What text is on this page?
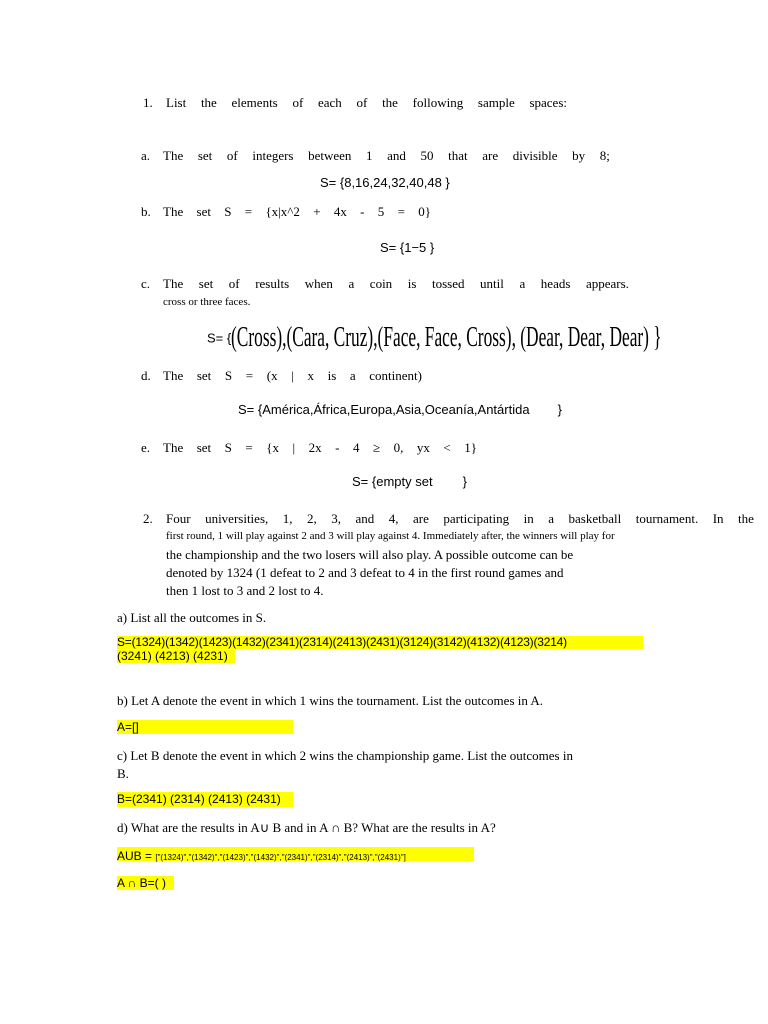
1. List the elements of each of the following sample spaces:
a. The set of integers between 1 and 50 that are divisible by 8;
S= {8,16,24,32,40,48 }
b. The set S = {x|x^2 + 4x - 5 = 0}
S= {1−5 }
c. The set of results when a coin is tossed until a heads appears.
cross or three faces.
S= {(Cross),(Cara, Cruz),(Face, Face, Cross), (Dear, Dear, Dear) }
d. The set S = (x | x is a continent)
S= {América,África,Europa,Asia,Oceanía,Antártida }
e. The set S = {x | 2x - 4 ≥ 0, yx < 1}
S= {empty set }
2. Four universities, 1, 2, 3, and 4, are participating in a basketball tournament. In the
first round, 1 will play against 2 and 3 will play against 4. Immediately after, the winners will play for
the championship and the two losers will also play. A possible outcome can be
denoted by 1324 (1 defeat to 2 and 3 defeat to 4 in the first round games and
then 1 lost to 3 and 2 lost to 4.
a) List all the outcomes in S.
S=(1324)(1342)(1423)(1432)(2341)(2314)(2413)(2431)(3124)(3142)(4132)(4123)(3214)
(3241) (4213) (4231)
b) Let A denote the event in which 1 wins the tournament. List the outcomes in A.
A=[]
c) Let B denote the event in which 2 wins the championship game. List the outcomes in
B.
B=(2341) (2314) (2413) (2431)
d) What are the results in A∪ B and in A ∩ B? What are the results in A?
AUB = ["(1324)","(1342)","(1423)","(1432)","(2341)","(2314)","(2413)","(2431)"]
A ∩ B=( )
